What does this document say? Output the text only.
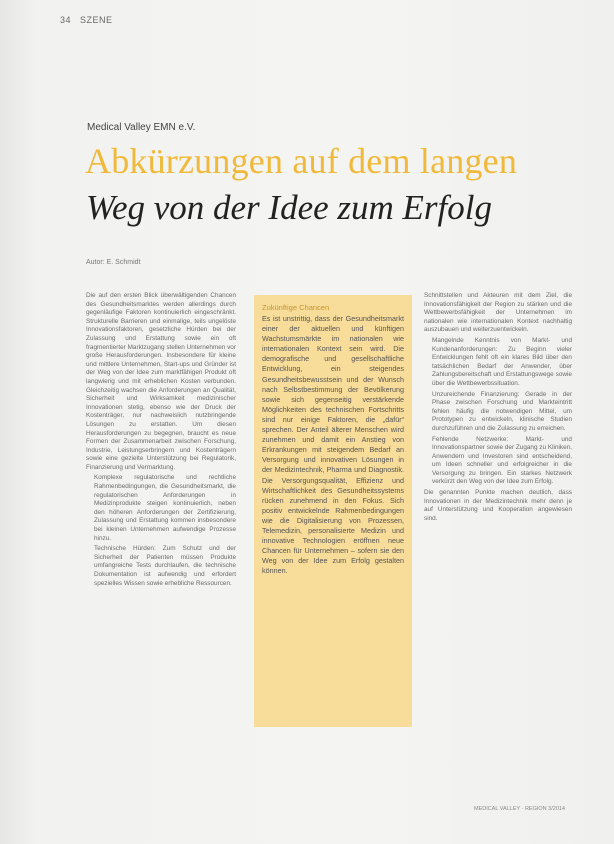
34 SZENE
Medical Valley EMN e.V.
Abkürzungen auf dem langen
Weg von der Idee zum Erfolg
Autor: E. Schmidt

Die auf den ersten Blick überwältigenden Chancen des Gesundheitsmarktes werden allerdings durch gegenläufige Faktoren kontinuierlich eingeschränkt. Strukturelle Barrieren und einmalige, teils ungelöste Innovationsfaktoren, gesetzliche Hürden bei der Zulassung und Erstattung sowie ein oft fragmentierter Marktzugang stellen Unternehmen vor große Herausforderungen. Insbesondere für kleine und mittlere Unternehmen, Start-ups und Gründer ist der Weg von der Idee zum marktfähigen Produkt oft langwierig und mit erheblichen Kosten verbunden. Gleichzeitig wachsen die Anforderungen an Qualität, Sicherheit und Wirksamkeit medizinischer Innovationen stetig, ebenso wie der Druck der Kostenträger, nur nachweislich nutzbringende Lösungen zu erstatten. Um diesen Herausforderungen zu begegnen, braucht es neue Formen der Zusammenarbeit zwischen Forschung, Industrie, Leistungserbringern und Kostenträgern sowie eine gezielte Unterstützung bei Regulatorik, Finanzierung und Vermarktung.

• Komplexe regulatorische und rechtliche Rahmenbedingungen, die Gesundheitsmarkt, die regulatorischen Anforderungen in Medizinprodukte steigen kontinuierlich, neben den höheren Anforderungen der Zertifizierung, Zulassung und Erstattung kommen insbesondere bei kleinen Unternehmen aufwendige Prozesse hinzu.
• Technische Hürden: Zum Schutz und der Sicherheit der Patienten müssen Produkte umfangreiche Tests durchlaufen, die technische Dokumentation ist aufwendig und erfordert spezielles Wissen sowie erhebliche Ressourcen.
Zukünftige Chancen
Es ist unstrittig, dass der Gesundheitsmarkt einer der aktuellen und künftigen Wachstumsmärkte im nationalen wie internationalen Kontext sein wird. Die demografische und gesellschaftliche Entwicklung, ein steigendes Gesundheitsbewusstsein und der Wunsch nach Selbstbestimmung der Bevölkerung sowie sich gegenseitig verstärkende Möglichkeiten des technischen Fortschritts sind nur einige Faktoren, die „dafür“ sprechen. Der Anteil älterer Menschen wird zunehmen und damit ein Anstieg von Erkrankungen mit steigendem Bedarf an Versorgung und innovativen Lösungen in der Medizintechnik, Pharma und Diagnostik. Die Versorgungsqualität, Effizienz und Wirtschaftlichkeit des Gesundheitssystems rücken zunehmend in den Fokus. Sich positiv entwickelnde Rahmenbedingungen wie die Digitalisierung von Prozessen, Telemedizin, personalisierte Medizin und innovative Technologien eröffnen neue Chancen für Unternehmen – sofern sie den Weg von der Idee zum Erfolg gestalten können.

Schnittstellen und Akteuren mit dem Ziel, die Innovationsfähigkeit der Region zu stärken und die Wettbewerbsfähigkeit der Unternehmen im nationalen wie internationalen Kontext nachhaltig auszubauen und weiterzuentwickeln.

• Mangelnde Kenntnis von Markt- und Kundenanforderungen: Zu Beginn vieler Entwicklungen fehlt oft ein klares Bild über den tatsächlichen Bedarf der Anwender, über Zahlungsbereitschaft und Erstattungswege sowie über die Wettbewerbssituation.
• Unzureichende Finanzierung: Gerade in der Phase zwischen Forschung und Markteintritt fehlen häufig die notwendigen Mittel, um Prototypen zu entwickeln, klinische Studien durchzuführen und die Zulassung zu erreichen.
• Fehlende Netzwerke: Markt- und Innovationspartner sowie der Zugang zu Kliniken, Anwendern und Investoren sind entscheidend, um Ideen schneller und erfolgreicher in die Versorgung zu bringen. Ein starkes Netzwerk verkürzt den Weg von der Idee zum Erfolg.

Die genannten Punkte machen deutlich, dass Innovationen in der Medizintechnik mehr denn je auf Unterstützung und Kooperation angewiesen sind.

MEDICAL VALLEY · REGION 3/2014
